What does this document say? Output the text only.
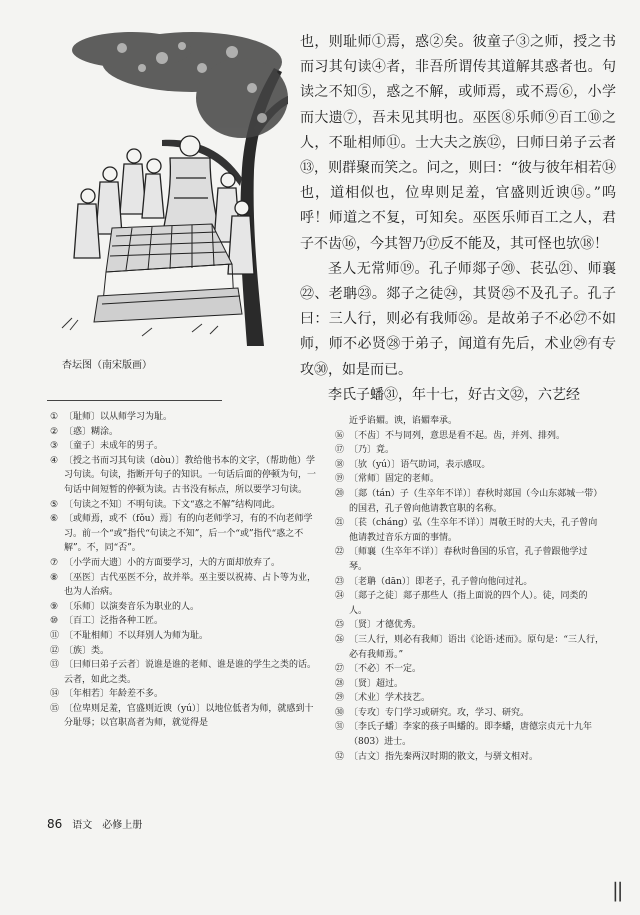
杏坛图（南宋版画）

也，则耻师①焉，惑②矣。彼童子③之师，授之书而习其句读④者，非吾所谓传其道解其惑者也。句读之不知⑤，惑之不解，或师焉，或不焉⑥，小学而大遗⑦，吾未见其明也。巫医⑧乐师⑨百工⑩之人，不耻相师⑪。士大夫之族⑫，曰师曰弟子云者⑬，则群聚而笑之。问之，则曰：“彼与彼年相若⑭也，道相似也，位卑则足羞，官盛则近谀⑮。”呜呼！师道之不复，可知矣。巫医乐师百工之人，君子不齿⑯，今其智乃⑰反不能及，其可怪也欤⑱！

圣人无常师⑲。孔子师郯子⑳、苌弘㉑、师襄㉒、老聃㉓。郯子之徒㉔，其贤㉕不及孔子。孔子曰：三人行，则必有我师㉖。是故弟子不必㉗不如师，师不必贤㉘于弟子，闻道有先后，术业㉙有专攻㉚，如是而已。

李氏子蟠㉛，年十七，好古文㉜，六艺经

① 〔耻师〕以从师学习为耻。

② 〔惑〕糊涂。

③ 〔童子〕未成年的男子。

④ 〔授之书而习其句读（dòu）〕教给他书本的文字，（帮助他）学习句读。句读，指断开句子的知识。一句话后面的停顿为句，一句话中间短暂的停顿为读。古书没有标点，所以要学习句读。

⑤ 〔句读之不知〕不明句读。下文“惑之不解”结构同此。

⑥ 〔或师焉，或不（fǒu）焉〕有的向老师学习，有的不向老师学习。前一个“或”指代“句读之不知”，后一个“或”指代“惑之不解”。不，同“否”。

⑦ 〔小学而大遗〕小的方面要学习，大的方面却放弃了。

⑧ 〔巫医〕古代巫医不分，故并举。巫主要以祝祷、占卜等为业，也为人治病。

⑨ 〔乐师〕以演奏音乐为职业的人。

⑩ 〔百工〕泛指各种工匠。

⑪ 〔不耻相师〕不以拜别人为师为耻。

⑫ 〔族〕类。

⑬ 〔曰师曰弟子云者〕说谁是谁的老师、谁是谁的学生之类的话。云者，如此之类。

⑭ 〔年相若〕年龄差不多。

⑮ 〔位卑则足羞，官盛则近谀（yú）〕以地位低者为师，就感到十分耻辱；以官职高者为师，就觉得是

近乎谄媚。谀，谄媚奉承。

⑯ 〔不齿〕不与同列，意思是看不起。齿，并列、排列。

⑰ 〔乃〕竟。

⑱ 〔欤（yú）〕语气助词，表示感叹。

⑲ 〔常师〕固定的老师。

⑳ 〔郯（tán）子（生卒年不详）〕春秋时郯国（今山东郯城一带）的国君，孔子曾向他请教官职的名称。

㉑ 〔苌（cháng）弘（生卒年不详）〕周敬王时的大夫，孔子曾向他请教过音乐方面的事情。

㉒ 〔师襄（生卒年不详）〕春秋时鲁国的乐官，孔子曾跟他学过琴。

㉓ 〔老聃（dān）〕即老子，孔子曾向他问过礼。

㉔ 〔郯子之徒〕郯子那些人（指上面说的四个人）。徒，同类的人。

㉕ 〔贤〕才德优秀。

㉖ 〔三人行，则必有我师〕语出《论语·述而》。原句是：“三人行，必有我师焉。”

㉗ 〔不必〕不一定。

㉘ 〔贤〕超过。

㉙ 〔术业〕学术技艺。

㉚ 〔专攻〕专门学习或研究。攻，学习、研究。

㉛ 〔李氏子蟠〕李家的孩子叫蟠的。即李蟠，唐德宗贞元十九年（803）进士。

㉜ 〔古文〕指先秦两汉时期的散文，与骈文相对。

86 语文　必修上册
||
